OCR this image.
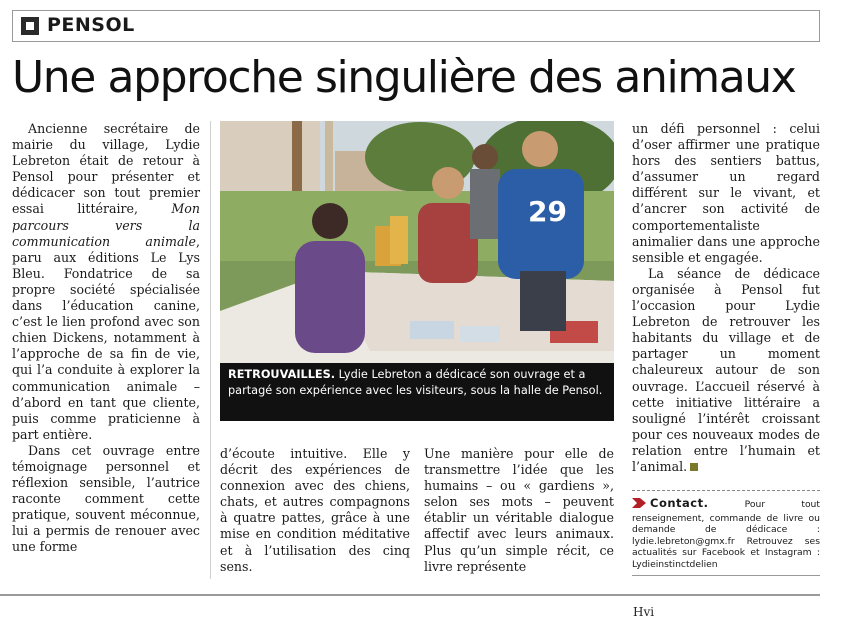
PENSOL
Une approche singulière des animaux

Ancienne secrétaire de mairie du village, Lydie Lebreton était de retour à Pensol pour présenter et dédicacer son tout premier essai littéraire, Mon parcours vers la communication animale, paru aux éditions Le Lys Bleu. Fondatrice de sa propre société spécialisée dans l’éducation canine, c’est le lien profond avec son chien Dickens, notamment à l’approche de sa fin de vie, qui l’a conduite à explorer la communication animale – d’abord en tant que cliente, puis comme praticienne à part entière.

Dans cet ouvrage entre témoignage personnel et réflexion sensible, l’autrice raconte comment cette pratique, souvent méconnue, lui a permis de renouer avec une forme

29
RETROUVAILLES. Lydie Lebreton a dédicacé son ouvrage et a partagé son expérience avec les visiteurs, sous la halle de Pensol.

d’écoute intuitive. Elle y décrit des expériences de connexion avec des chiens, chats, et autres compagnons à quatre pattes, grâce à une mise en condition méditative et à l’utilisation des cinq sens.

Une manière pour elle de transmettre l’idée que les humains – ou « gardiens », selon ses mots – peuvent établir un véritable dialogue affectif avec leurs animaux. Plus qu’un simple récit, ce livre représente

un défi personnel : celui d’oser affirmer une pratique hors des sentiers battus, d’assumer un regard différent sur le vivant, et d’ancrer son activité de comportementaliste animalier dans une approche sensible et engagée.

La séance de dédicace organisée à Pensol fut l’occasion pour Lydie Lebreton de retrouver les habitants du village et de partager un moment chaleureux autour de son ouvrage. L’accueil réservé à cette initiative littéraire a souligné l’intérêt croissant pour ces nouveaux modes de relation entre l’humain et l’animal.

Contact. Pour tout renseignement, commande de livre ou demande de dédicace : lydie.lebreton@gmx.fr Retrouvez ses actualités sur Facebook et Instagram : Lydieinstinctdelien
Hvi
